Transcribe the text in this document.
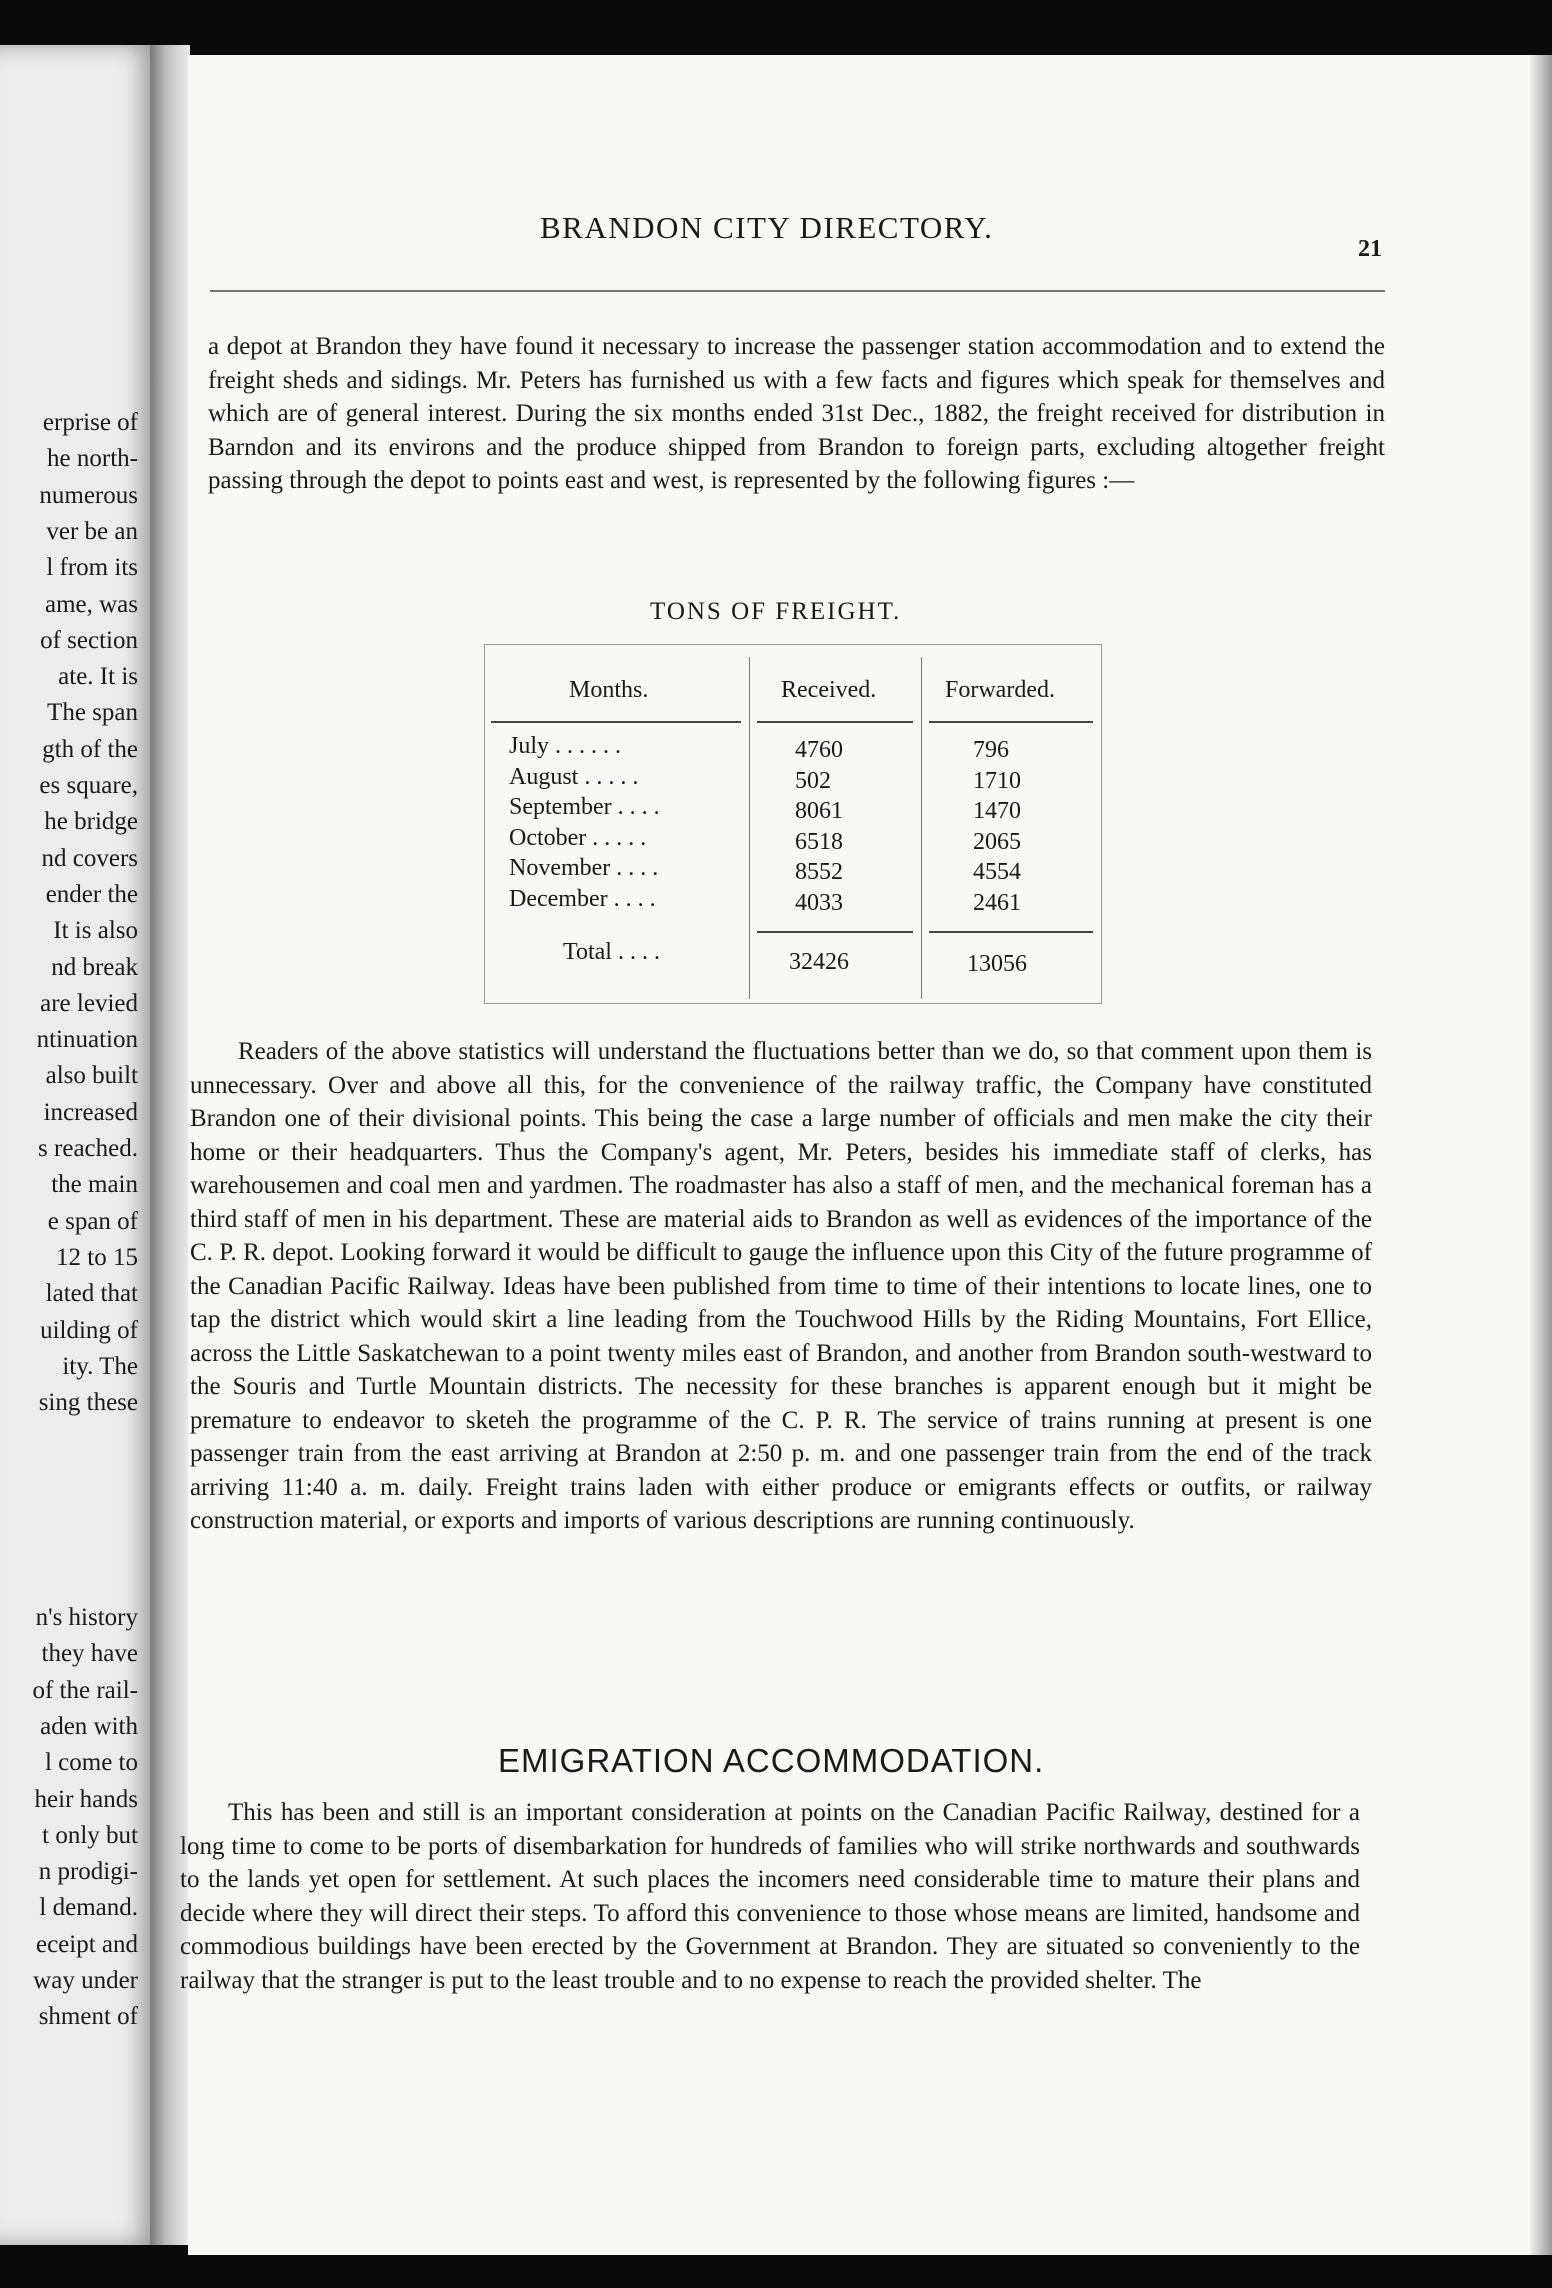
erprise of
he north-
numerous
ver be an
l from its
ame, was
of section
ate. It is
The span
gth of the
es square,
he bridge
nd covers
ender the
It is also
nd break
are levied
ntinuation
also built
increased
s reached.
the main
e span of
12 to 15
lated that
uilding of
ity. The
sing these
n's history
they have
of the rail-
aden with
l come to
heir hands
t only but
n prodigi-
l demand.
eceipt and
way under
shment of
BRANDON CITY DIRECTORY.
21

a depot at Brandon they have found it necessary to increase the passenger station accommodation and to extend the freight sheds and sidings. Mr. Peters has furnished us with a few facts and figures which speak for themselves and which are of general interest. During the six months ended 31st Dec., 1882, the freight received for distribution in Barndon and its environs and the produce shipped from Brandon to foreign parts, excluding altogether freight passing through the depot to points east and west, is represented by the following figures :—

TONS OF FREIGHT.
Months.	Received.	Forwarded.
July . . . . . .	4760	796
August . . . . .	502	1710
September . . . .	8061	1470
October . . . . .	6518	2065
November . . . .	8552	4554
December . . . .	4033	2461
Total . . . .	32426	13056

Readers of the above statistics will understand the fluctuations better than we do, so that comment upon them is unnecessary. Over and above all this, for the convenience of the railway traffic, the Company have constituted Brandon one of their divisional points. This being the case a large number of officials and men make the city their home or their headquarters. Thus the Company's agent, Mr. Peters, besides his immediate staff of clerks, has warehousemen and coal men and yardmen. The roadmaster has also a staff of men, and the mechanical foreman has a third staff of men in his department. These are material aids to Brandon as well as evidences of the importance of the C. P. R. depot. Looking forward it would be difficult to gauge the influence upon this City of the future programme of the Canadian Pacific Railway. Ideas have been published from time to time of their intentions to locate lines, one to tap the district which would skirt a line leading from the Touchwood Hills by the Riding Mountains, Fort Ellice, across the Little Saskatchewan to a point twenty miles east of Brandon, and another from Brandon south-westward to the Souris and Turtle Mountain districts. The necessity for these branches is apparent enough but it might be premature to endeavor to sketeh the programme of the C. P. R. The service of trains running at present is one passenger train from the east arriving at Brandon at 2:50 p. m. and one passenger train from the end of the track arriving 11:40 a. m. daily. Freight trains laden with either produce or emigrants effects or outfits, or railway construction material, or exports and imports of various descriptions are running continuously.

EMIGRATION ACCOMMODATION.

This has been and still is an important consideration at points on the Canadian Pacific Railway, destined for a long time to come to be ports of disembarkation for hundreds of families who will strike northwards and southwards to the lands yet open for settlement. At such places the incomers need considerable time to mature their plans and decide where they will direct their steps. To afford this convenience to those whose means are limited, handsome and commodious buildings have been erected by the Government at Brandon. They are situated so conveniently to the railway that the stranger is put to the least trouble and to no expense to reach the provided shelter. The
